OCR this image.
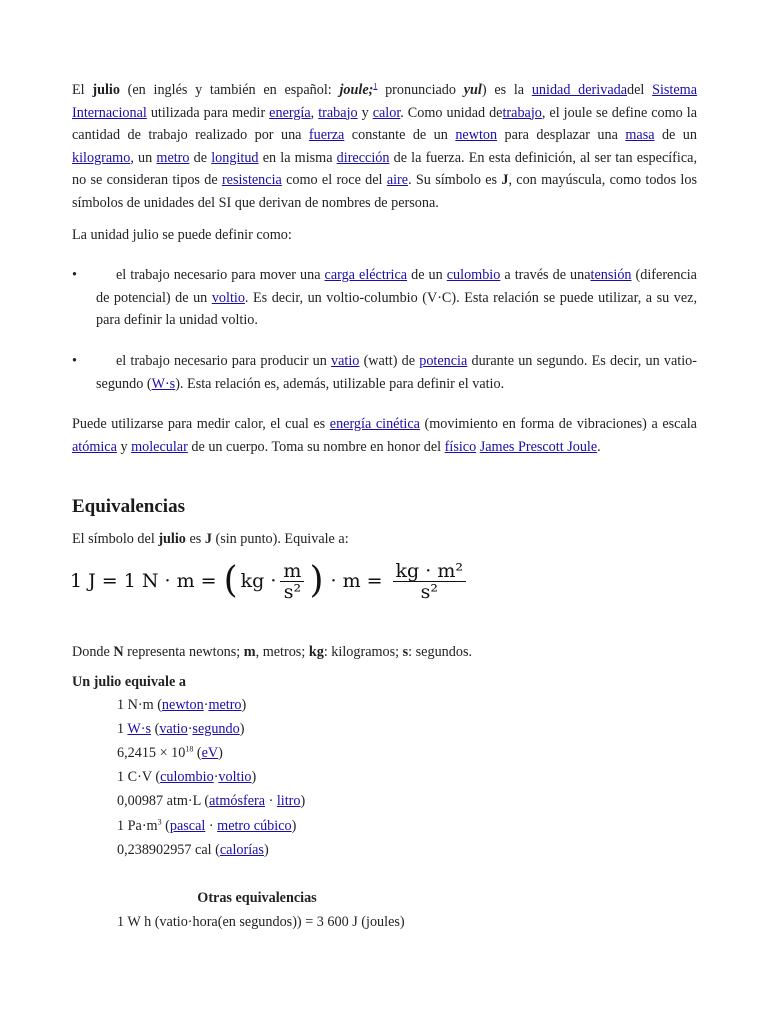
El julio (en inglés y también en español: joule;$^1$ pronunciado yul) es la unidad derivadadel Sistema Internacional utilizada para medir energía, trabajo y calor. Como unidad detrabajo, el joule se define como la cantidad de trabajo realizado por una fuerza constante de un newton para desplazar una masa de un kilogramo, un metro de longitud en la misma dirección de la fuerza. En esta definición, al ser tan específica, no se consideran tipos de resistencia como el roce del aire. Su símbolo es J, con mayúscula, como todos los símbolos de unidades del SI que derivan de nombres de persona.

La unidad julio se puede definir como:

•	el trabajo necesario para mover una carga eléctrica de un culombio a través de unatensión (diferencia de potencial) de un voltio. Es decir, un voltio-columbio (V·C). Esta relación se puede utilizar, a su vez, para definir la unidad voltio.
•	el trabajo necesario para producir un vatio (watt) de potencia durante un segundo. Es decir, un vatio-segundo (W·s). Esta relación es, además, utilizable para definir el vatio.

Puede utilizarse para medir calor, el cual es energía cinética (movimiento en forma de vibraciones) a escala atómica y molecular de un cuerpo. Toma su nombre en honor del físico James Prescott Joule.

Equivalencias

El símbolo del julio es J (sin punto). Equivale a:

1 J = 1 N · m = ( kg · $\frac{m}{\text{s²}}$ ) · $m = \frac{\text{kg · m²}}{\text{s²}}$

Donde N representa newtons; m, metros; kg: kilogramos; s: segundos.

Un julio equivale a
1 N·m (newton·metro)
1 W·s (vatio·segundo)
$6,2415 \times 10^{18}$ (eV)
1 C·V (culombio·voltio)
0,00987 atm·L (atmósfera · litro)
1 $Pa\cdot m^3$ (pascal · metro cúbico)
0,238902957 cal (calorías)
Otras equivalencias
1 W h (vatio·hora(en segundos)) = 3 600 J (joules)
